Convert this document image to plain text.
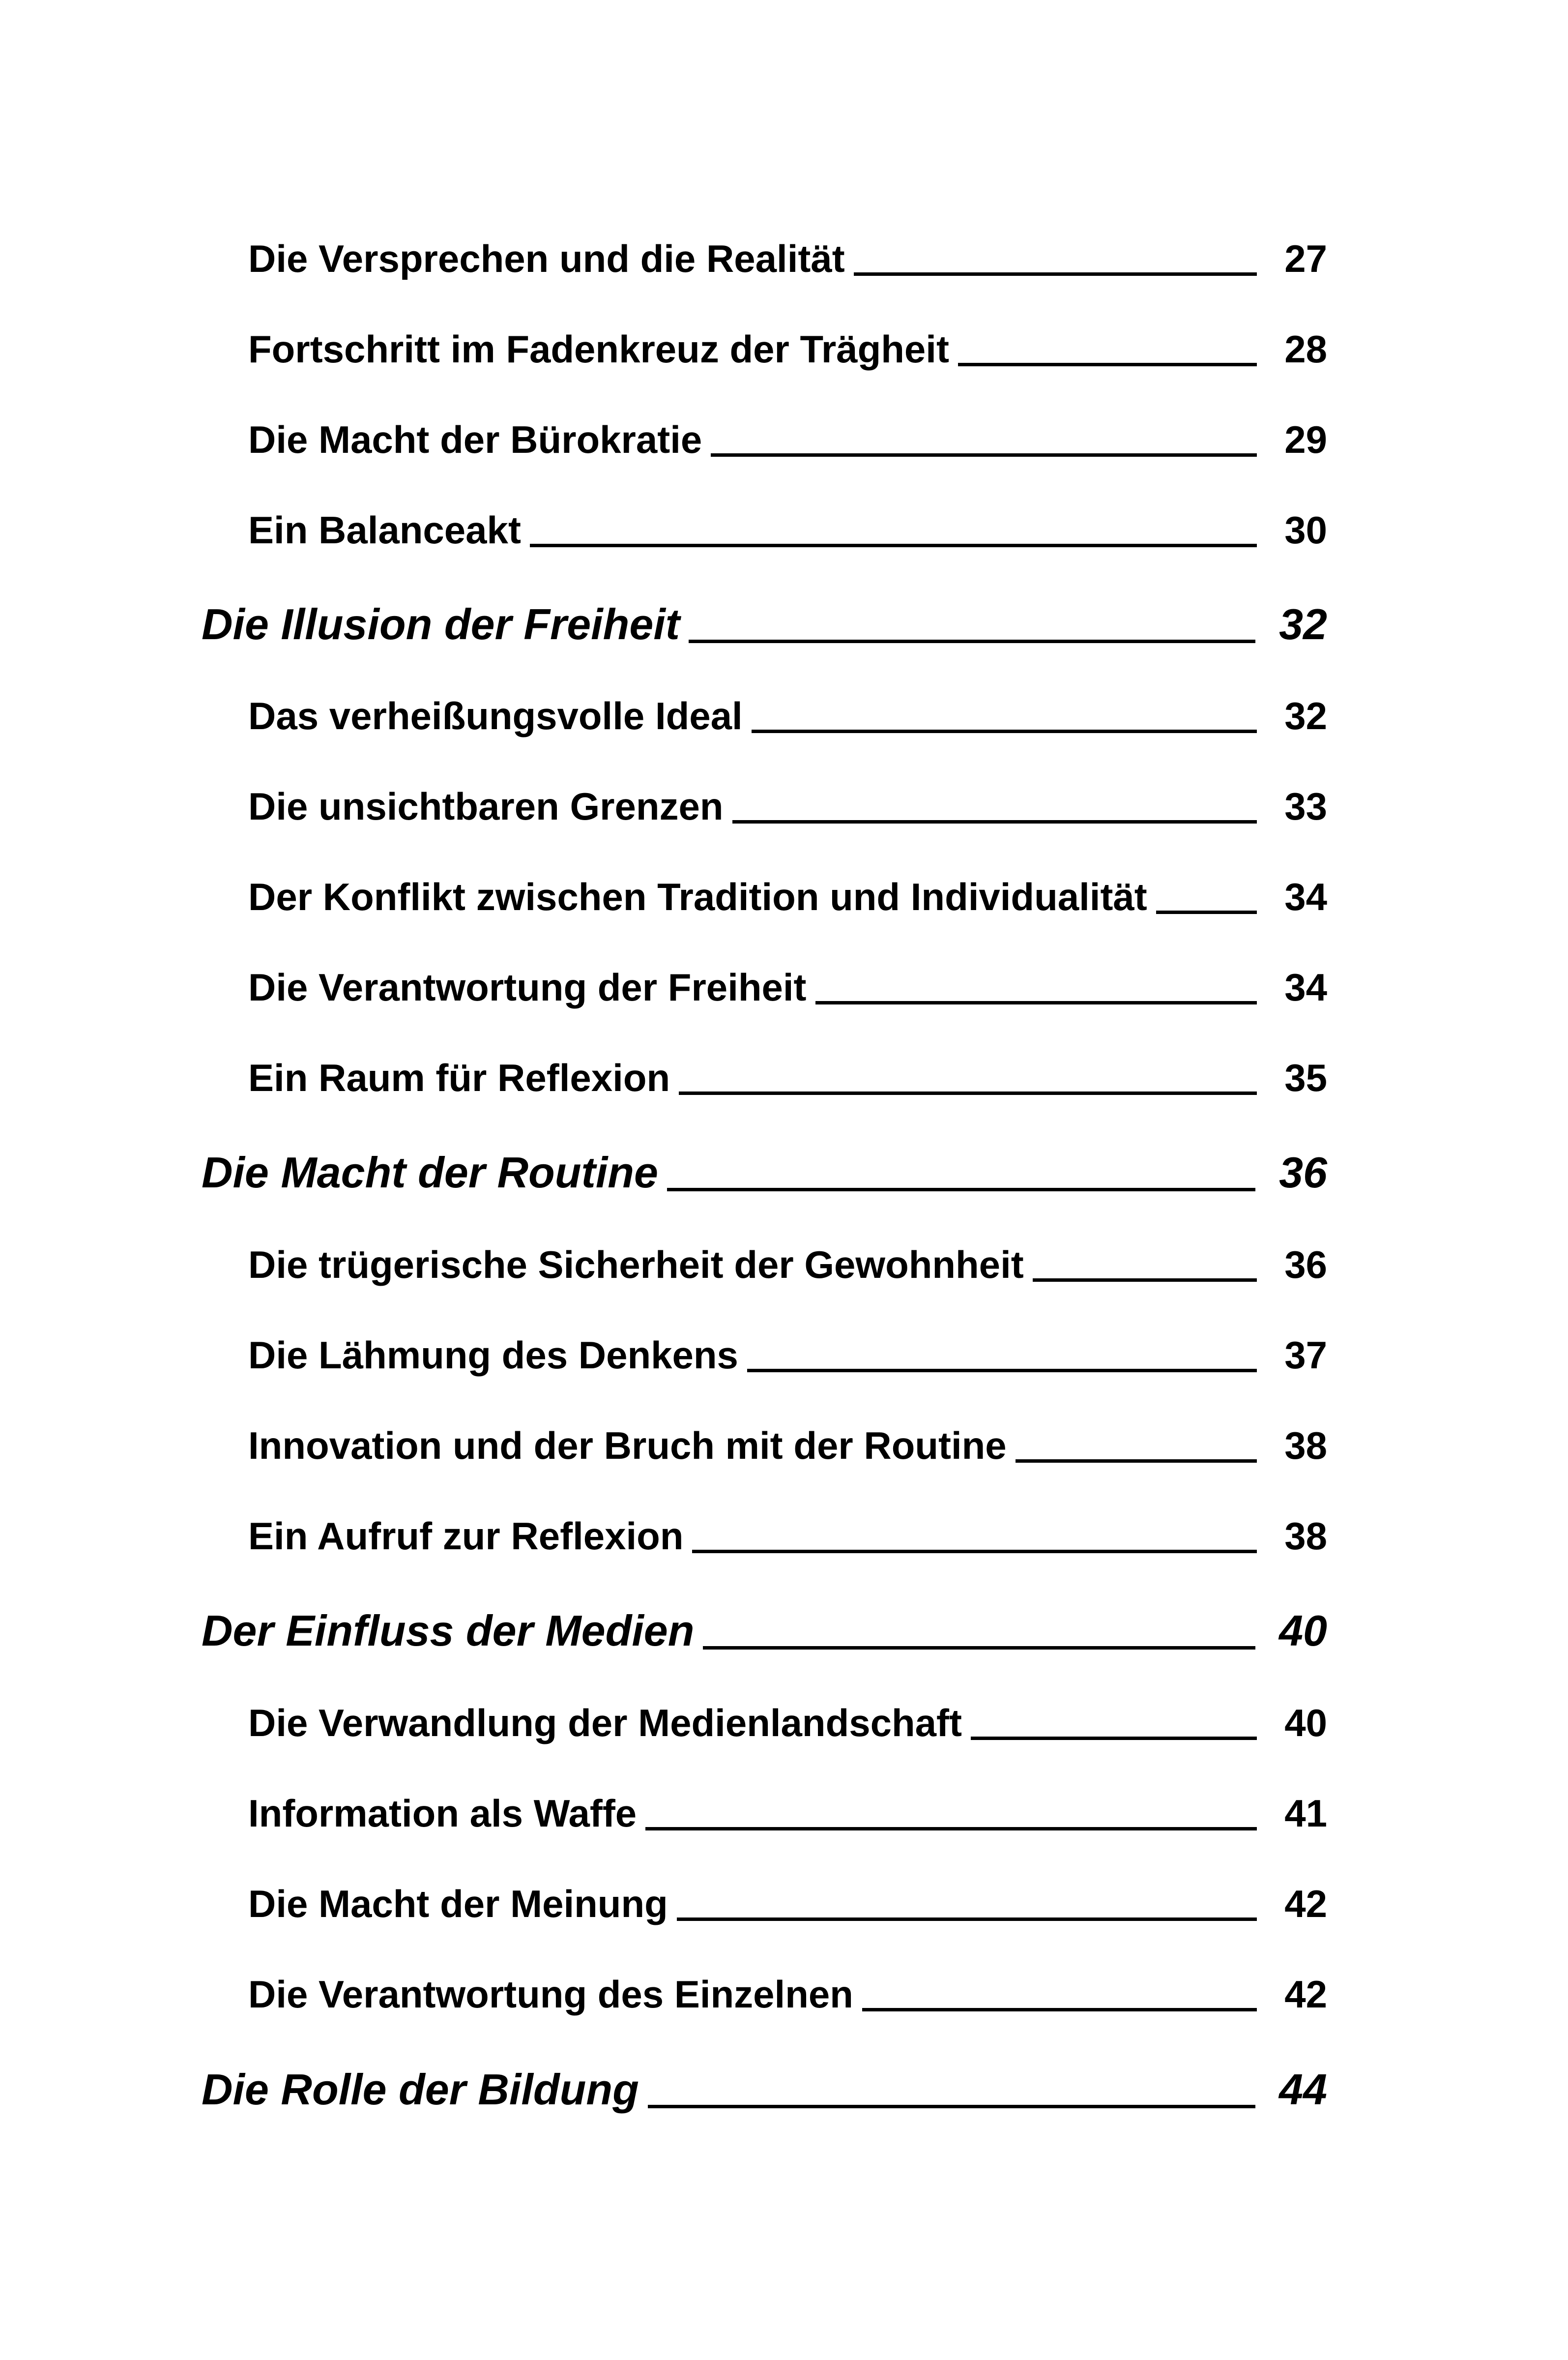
Die Versprechen und die Realität	27
Fortschritt im Fadenkreuz der Trägheit	28
Die Macht der Bürokratie	29
Ein Balanceakt	30
Die Illusion der Freiheit	32
Das verheißungsvolle Ideal	32
Die unsichtbaren Grenzen	33
Der Konflikt zwischen Tradition und Individualität	34
Die Verantwortung der Freiheit	34
Ein Raum für Reflexion	35
Die Macht der Routine	36
Die trügerische Sicherheit der Gewohnheit	36
Die Lähmung des Denkens	37
Innovation und der Bruch mit der Routine	38
Ein Aufruf zur Reflexion	38
Der Einfluss der Medien	40
Die Verwandlung der Medienlandschaft	40
Information als Waffe	41
Die Macht der Meinung	42
Die Verantwortung des Einzelnen	42
Die Rolle der Bildung	44
